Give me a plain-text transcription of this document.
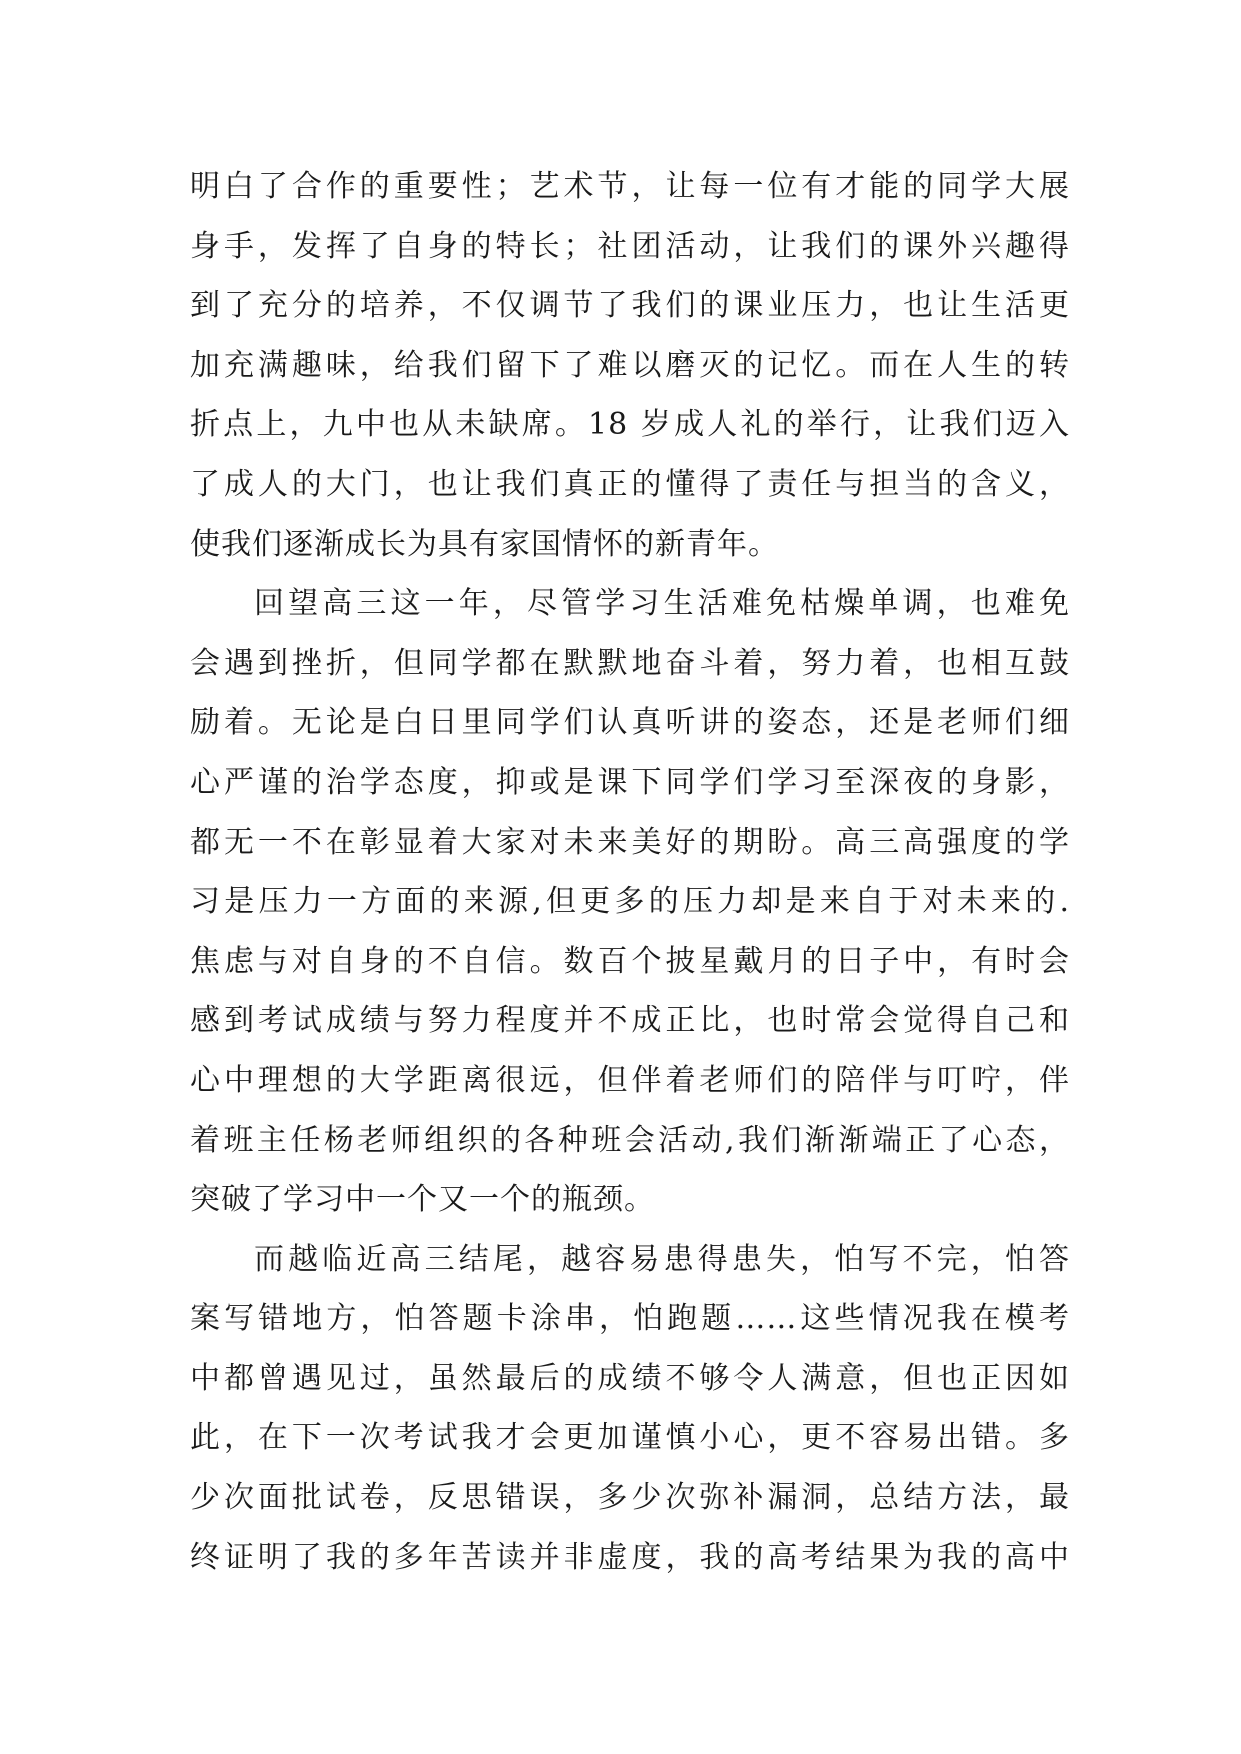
明白了合作的重要性；艺术节，让每一位有才能的同学大展
身手，发挥了自身的特长；社团活动，让我们的课外兴趣得
到了充分的培养，不仅调节了我们的课业压力，也让生活更
加充满趣味，给我们留下了难以磨灭的记忆。而在人生的转
折点上，九中也从未缺席。18 岁成人礼的举行，让我们迈入
了成人的大门，也让我们真正的懂得了责任与担当的含义，
使我们逐渐成长为具有家国情怀的新青年。
回望高三这一年，尽管学习生活难免枯燥单调，也难免
会遇到挫折，但同学都在默默地奋斗着，努力着，也相互鼓
励着。无论是白日里同学们认真听讲的姿态，还是老师们细
心严谨的治学态度，抑或是课下同学们学习至深夜的身影，
都无一不在彰显着大家对未来美好的期盼。高三高强度的学
习是压力一方面的来源,但更多的压力却是来自于对未来的.
焦虑与对自身的不自信。数百个披星戴月的日子中，有时会
感到考试成绩与努力程度并不成正比，也时常会觉得自己和
心中理想的大学距离很远，但伴着老师们的陪伴与叮咛，伴
着班主任杨老师组织的各种班会活动,我们渐渐端正了心态，
突破了学习中一个又一个的瓶颈。
而越临近高三结尾，越容易患得患失，怕写不完，怕答
案写错地方，怕答题卡涂串，怕跑题……这些情况我在模考
中都曾遇见过，虽然最后的成绩不够令人满意，但也正因如
此，在下一次考试我才会更加谨慎小心，更不容易出错。多
少次面批试卷，反思错误，多少次弥补漏洞，总结方法，最
终证明了我的多年苦读并非虚度，我的高考结果为我的高中
